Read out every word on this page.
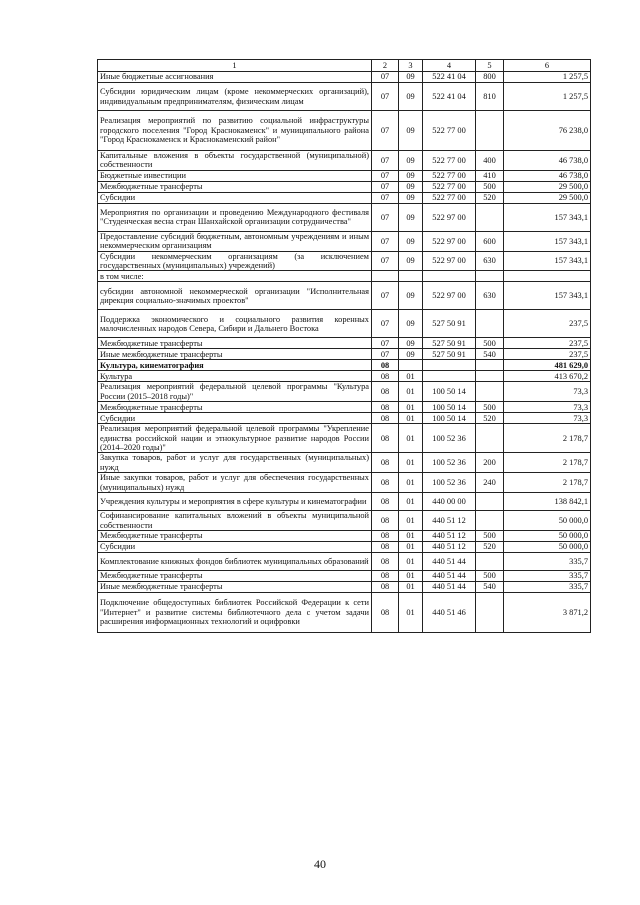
1	2	3	4	5	6
Иные бюджетные ассигнования	07	09	522 41 04	800	1 257,5
Субсидии юридическим лицам (кроме некоммерческих организаций), индивидуальным предпринимателям, физическим лицам	07	09	522 41 04	810	1 257,5
Реализация мероприятий по развитию социальной инфраструктуры городского поселения "Город Краснокаменск" и муниципального района "Город Краснокаменск и Краснокаменский район"	07	09	522 77 00		76 238,0
Капитальные вложения в объекты государственной (муниципальной) собственности	07	09	522 77 00	400	46 738,0
Бюджетные инвестиции	07	09	522 77 00	410	46 738,0
Межбюджетные трансферты	07	09	522 77 00	500	29 500,0
Субсидии	07	09	522 77 00	520	29 500,0
Мероприятия по организации и проведению Международного фестиваля "Студенческая весна стран Шанхайской организации сотрудничества"	07	09	522 97 00		157 343,1
Предоставление субсидий бюджетным, автономным учреждениям и иным некоммерческим организациям	07	09	522 97 00	600	157 343,1
Субсидии некоммерческим организациям (за исключением государственных (муниципальных) учреждений)	07	09	522 97 00	630	157 343,1
в том числе:					
субсидии автономной некоммерческой организации "Исполнительная дирекция социально-значимых проектов"	07	09	522 97 00	630	157 343,1
Поддержка экономического и социального развития коренных малочисленных народов Севера, Сибири и Дальнего Востока	07	09	527 50 91		237,5
Межбюджетные трансферты	07	09	527 50 91	500	237,5
Иные межбюджетные трансферты	07	09	527 50 91	540	237,5
Культура, кинематография	08				481 629,0
Культура	08	01			413 670,2
Реализация мероприятий федеральной целевой программы "Культура России (2015–2018 годы)"	08	01	100 50 14		73,3
Межбюджетные трансферты	08	01	100 50 14	500	73,3
Субсидии	08	01	100 50 14	520	73,3
Реализация мероприятий федеральной целевой программы "Укрепление единства российской нации и этнокультурное развитие народов России (2014–2020 годы)"	08	01	100 52 36		2 178,7
Закупка товаров, работ и услуг для государственных (муниципальных) нужд	08	01	100 52 36	200	2 178,7
Иные закупки товаров, работ и услуг для обеспечения государственных (муниципальных) нужд	08	01	100 52 36	240	2 178,7
Учреждения культуры и мероприятия в сфере культуры и кинематографии	08	01	440 00 00		138 842,1
Софинансирование капитальных вложений в объекты муниципальной собственности	08	01	440 51 12		50 000,0
Межбюджетные трансферты	08	01	440 51 12	500	50 000,0
Субсидии	08	01	440 51 12	520	50 000,0
Комплектование книжных фондов библиотек муниципальных образований	08	01	440 51 44		335,7
Межбюджетные трансферты	08	01	440 51 44	500	335,7
Иные межбюджетные трансферты	08	01	440 51 44	540	335,7
Подключение общедоступных библиотек Российской Федерации к сети "Интернет" и развитие системы библиотечного дела с учетом задачи расширения информационных технологий и оцифровки	08	01	440 51 46		3 871,2
40
